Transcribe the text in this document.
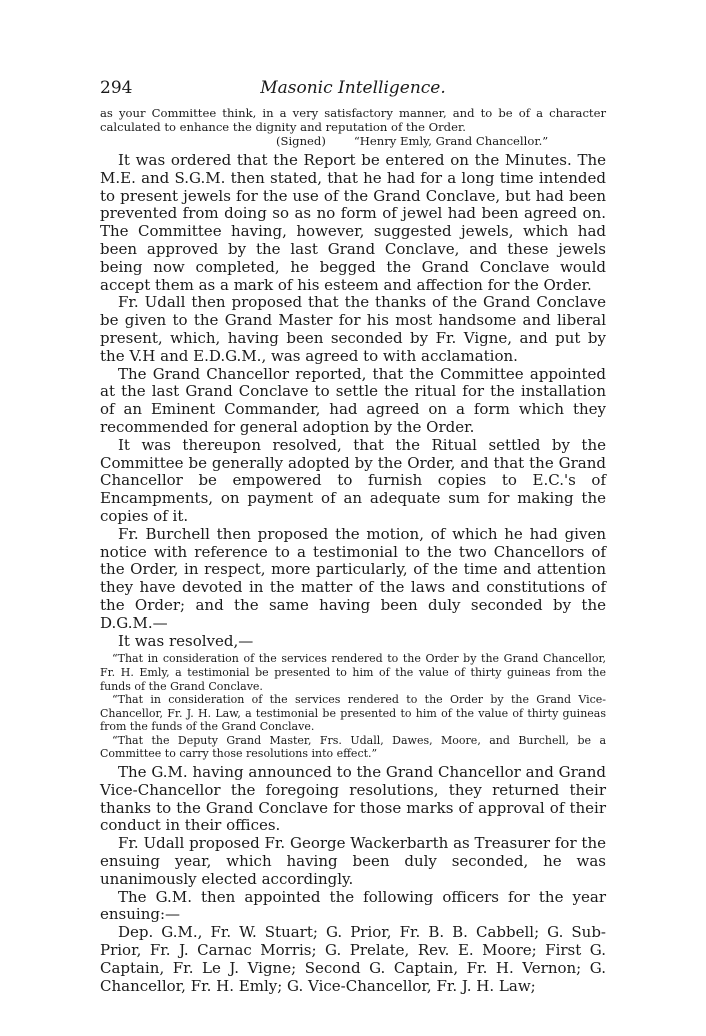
294	Masonic Intelligence.
as your Committee think, in a very satisfactory manner, and to be of a character calculated to enhance the dignity and reputation of the Order.
(Signed) “Henry Emly, Grand Chancellor.”

It was ordered that the Report be entered on the Minutes. The M.E. and S.G.M. then stated, that he had for a long time intended to present jewels for the use of the Grand Conclave, but had been prevented from doing so as no form of jewel had been agreed on. The Committee having, however, suggested jewels, which had been approved by the last Grand Conclave, and these jewels being now completed, he begged the Grand Conclave would accept them as a mark of his esteem and affection for the Order.

Fr. Udall then proposed that the thanks of the Grand Conclave be given to the Grand Master for his most handsome and liberal present, which, having been seconded by Fr. Vigne, and put by the V.H and E.D.G.M., was agreed to with acclamation.

The Grand Chancellor reported, that the Committee appointed at the last Grand Conclave to settle the ritual for the installation of an Eminent Commander, had agreed on a form which they recommended for general adoption by the Order.

It was thereupon resolved, that the Ritual settled by the Committee be generally adopted by the Order, and that the Grand Chancellor be empowered to furnish copies to E.C.'s of Encampments, on payment of an adequate sum for making the copies of it.

Fr. Burchell then proposed the motion, of which he had given notice with reference to a testimonial to the two Chancellors of the Order, in respect, more particularly, of the time and attention they have devoted in the matter of the laws and constitutions of the Order; and the same having been duly seconded by the D.G.M.—

It was resolved,—

“That in consideration of the services rendered to the Order by the Grand Chancellor, Fr. H. Emly, a testimonial be presented to him of the value of thirty guineas from the funds of the Grand Conclave.

“That in consideration of the services rendered to the Order by the Grand Vice-Chancellor, Fr. J. H. Law, a testimonial be presented to him of the value of thirty guineas from the funds of the Grand Conclave.

“That the Deputy Grand Master, Frs. Udall, Dawes, Moore, and Burchell, be a Committee to carry those resolutions into effect.”

The G.M. having announced to the Grand Chancellor and Grand Vice-Chancellor the foregoing resolutions, they returned their thanks to the Grand Conclave for those marks of approval of their conduct in their offices.

Fr. Udall proposed Fr. George Wackerbarth as Treasurer for the ensuing year, which having been duly seconded, he was unanimously elected accordingly.

The G.M. then appointed the following officers for the year ensuing:—

Dep. G.M., Fr. W. Stuart; G. Prior, Fr. B. B. Cabbell; G. Sub-Prior, Fr. J. Carnac Morris; G. Prelate, Rev. E. Moore; First G. Captain, Fr. Le J. Vigne; Second G. Captain, Fr. H. Vernon; G. Chancellor, Fr. H. Emly; G. Vice-Chancellor, Fr. J. H. Law;
